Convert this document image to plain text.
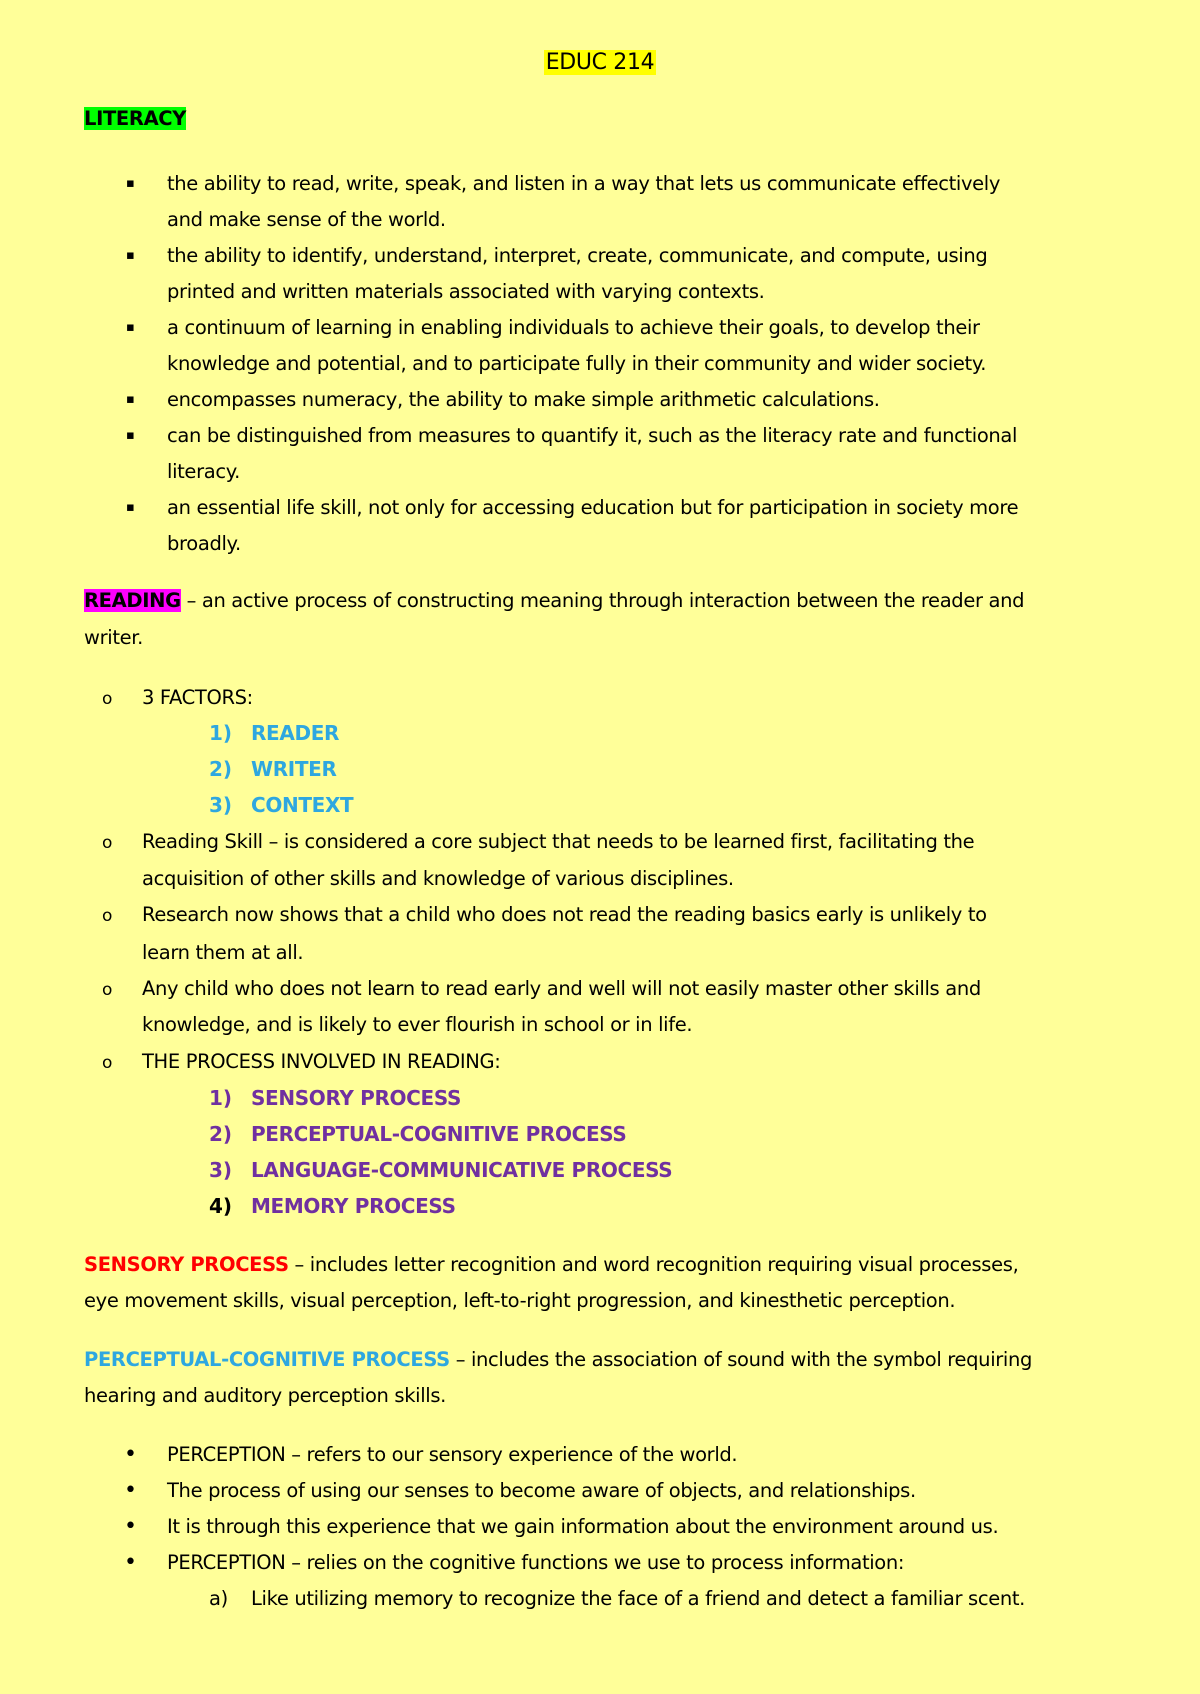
EDUC 214
LITERACY
▪ the ability to read, write, speak, and listen in a way that lets us communicate effectively
and make sense of the world.
▪ the ability to identify, understand, interpret, create, communicate, and compute, using
printed and written materials associated with varying contexts.
▪ a continuum of learning in enabling individuals to achieve their goals, to develop their
knowledge and potential, and to participate fully in their community and wider society.
▪ encompasses numeracy, the ability to make simple arithmetic calculations.
▪ can be distinguished from measures to quantify it, such as the literacy rate and functional
literacy.
▪ an essential life skill, not only for accessing education but for participation in society more
broadly.
READING – an active process of constructing meaning through interaction between the reader and
writer.
o 3 FACTORS:
1) READER
2) WRITER
3) CONTEXT
o Reading Skill – is considered a core subject that needs to be learned first, facilitating the
acquisition of other skills and knowledge of various disciplines.
o Research now shows that a child who does not read the reading basics early is unlikely to
learn them at all.
o Any child who does not learn to read early and well will not easily master other skills and
knowledge, and is likely to ever flourish in school or in life.
o THE PROCESS INVOLVED IN READING:
1) SENSORY PROCESS
2) PERCEPTUAL-COGNITIVE PROCESS
3) LANGUAGE-COMMUNICATIVE PROCESS
4) MEMORY PROCESS
SENSORY PROCESS – includes letter recognition and word recognition requiring visual processes,
eye movement skills, visual perception, left-to-right progression, and kinesthetic perception.
PERCEPTUAL-COGNITIVE PROCESS – includes the association of sound with the symbol requiring
hearing and auditory perception skills.
• PERCEPTION – refers to our sensory experience of the world.
• The process of using our senses to become aware of objects, and relationships.
• It is through this experience that we gain information about the environment around us.
• PERCEPTION – relies on the cognitive functions we use to process information:
a) Like utilizing memory to recognize the face of a friend and detect a familiar scent.
